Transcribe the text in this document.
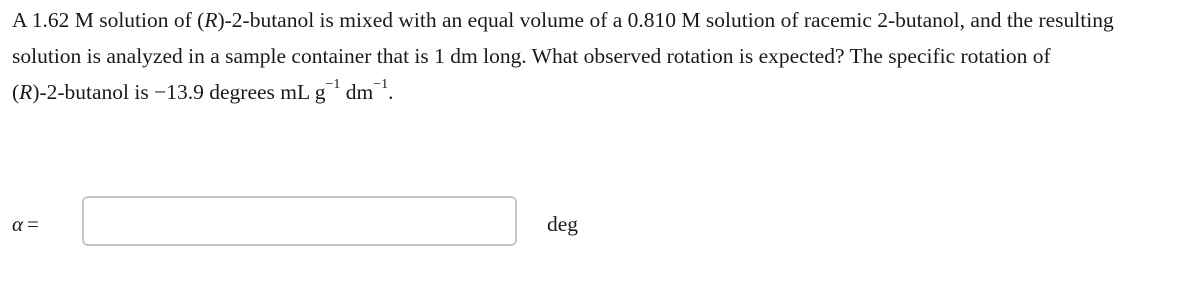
A 1.62 M solution of (R)-2-butanol is mixed with an equal volume of a 0.810 M solution of racemic 2-butanol, and the resulting
solution is analyzed in a sample container that is 1 dm long. What observed rotation is expected? The specific rotation of
(R)-2-butanol is −13.9 degrees mL $g^{-1}$ $dm^{-1}$.
α =	deg
